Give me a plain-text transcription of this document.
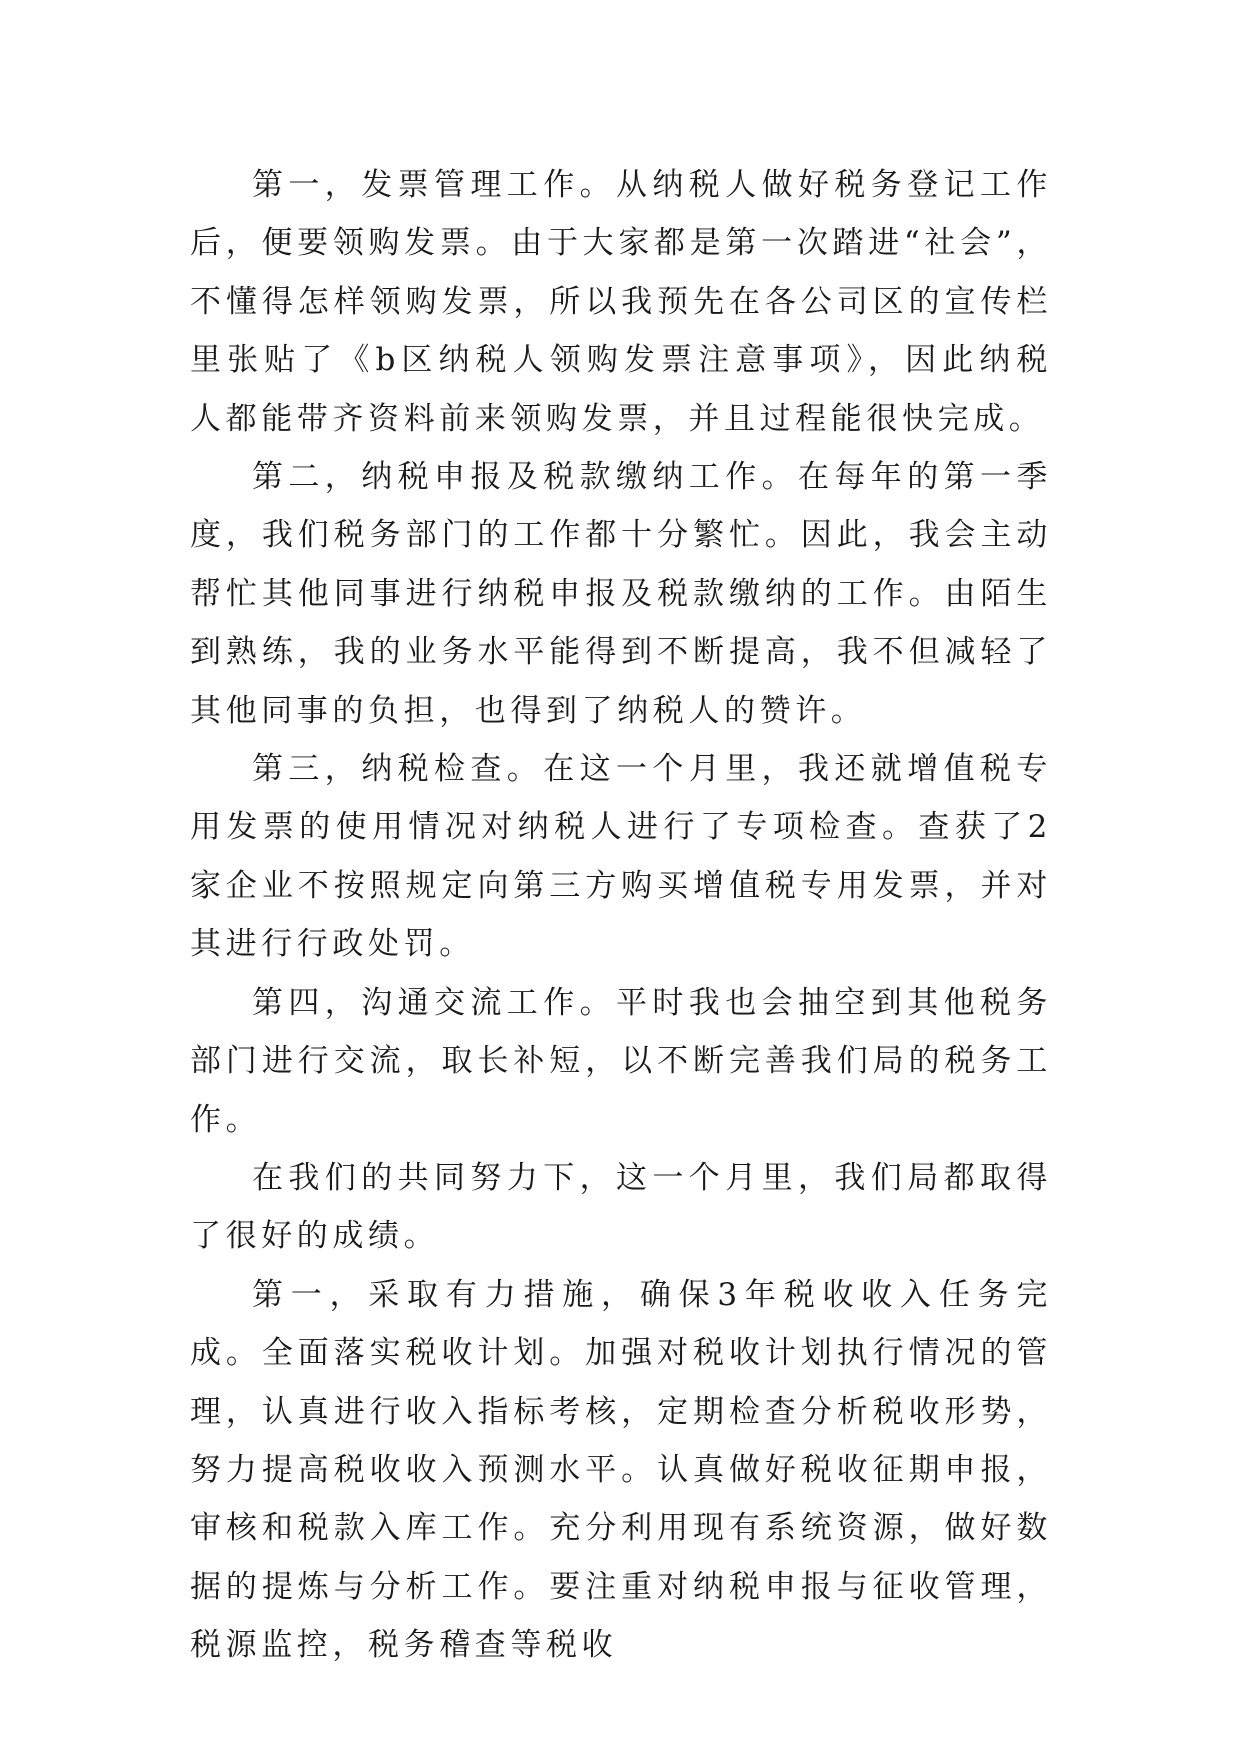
第一，发票管理工作。从纳税人做好税务登记工作后，便要领购发票。由于大家都是第一次踏进“社会”，不懂得怎样领购发票，所以我预先在各公司区的宣传栏里张贴了《b区纳税人领购发票注意事项》，因此纳税人都能带齐资料前来领购发票，并且过程能很快完成。

第二，纳税申报及税款缴纳工作。在每年的第一季度，我们税务部门的工作都十分繁忙。因此，我会主动帮忙其他同事进行纳税申报及税款缴纳的工作。由陌生到熟练，我的业务水平能得到不断提高，我不但减轻了其他同事的负担，也得到了纳税人的赞许。

第三，纳税检查。在这一个月里，我还就增值税专用发票的使用情况对纳税人进行了专项检查。查获了2家企业不按照规定向第三方购买增值税专用发票，并对其进行行政处罚。

第四，沟通交流工作。平时我也会抽空到其他税务部门进行交流，取长补短，以不断完善我们局的税务工作。

在我们的共同努力下，这一个月里，我们局都取得了很好的成绩。

第一，采取有力措施，确保3年税收收入任务完成。全面落实税收计划。加强对税收计划执行情况的管理，认真进行收入指标考核，定期检查分析税收形势，努力提高税收收入预测水平。认真做好税收征期申报，审核和税款入库工作。充分利用现有系统资源，做好数据的提炼与分析工作。要注重对纳税申报与征收管理，税源监控，税务稽查等税收
